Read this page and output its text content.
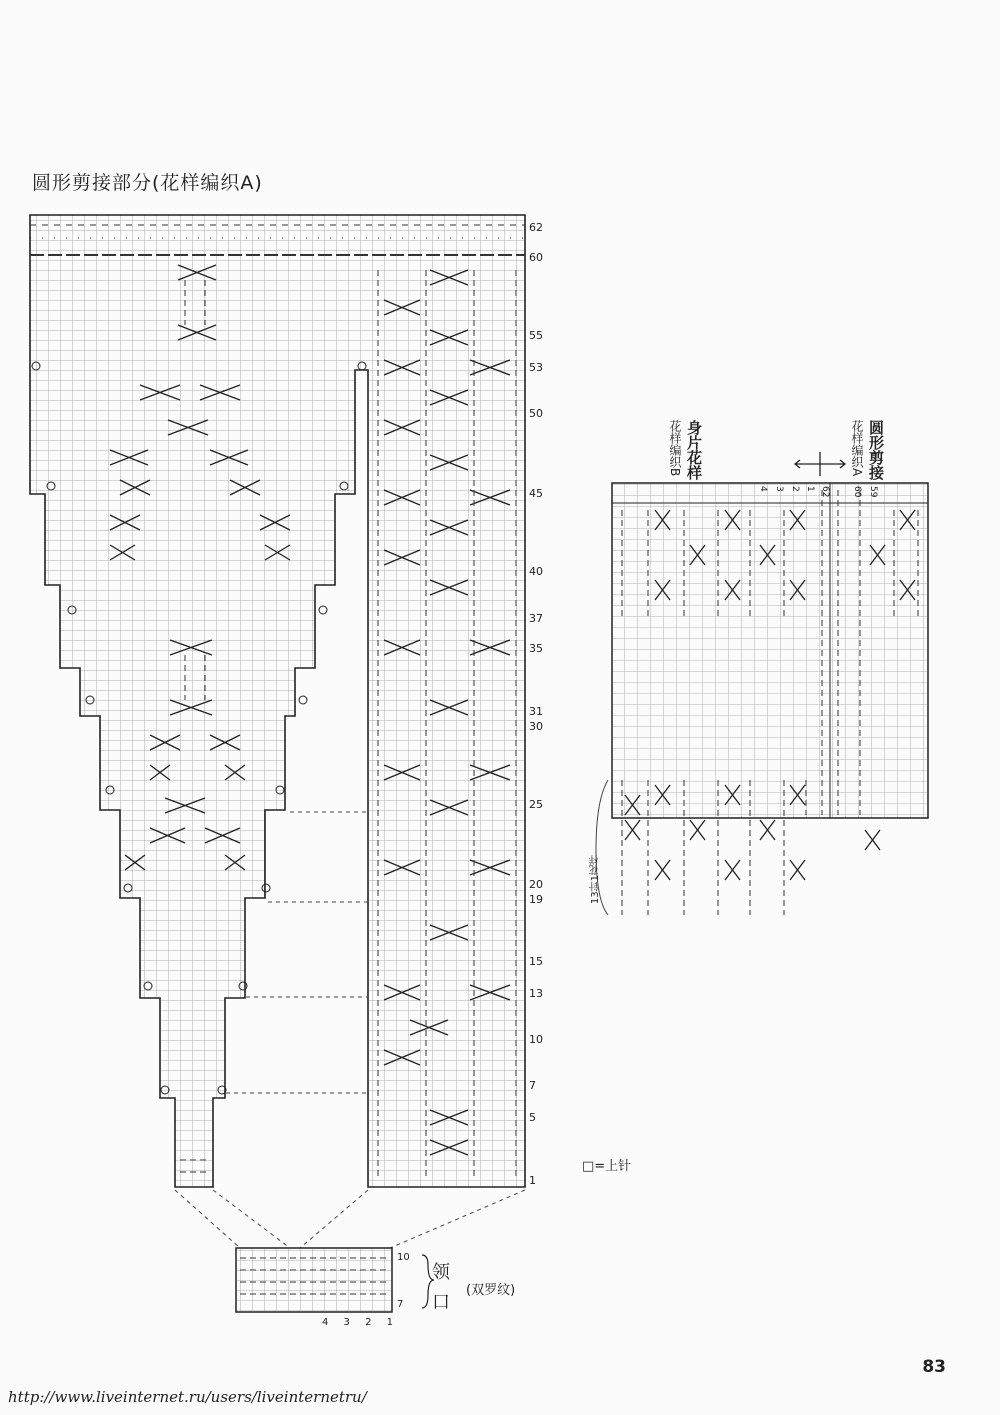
圆形剪接部分(花样编织A)
62
60
55
53
50
45
40
37
35
31
30
25
20
19
15
13
10
7
5
1
花样编织B 身片花样	花样编织A 圆形剪接
4 3 2 1 62 60 59
13针1花样
10
7
领口
(双罗纹)
4 3 2 1
□=上针
83
http://www.liveinternet.ru/users/liveinternetru/
